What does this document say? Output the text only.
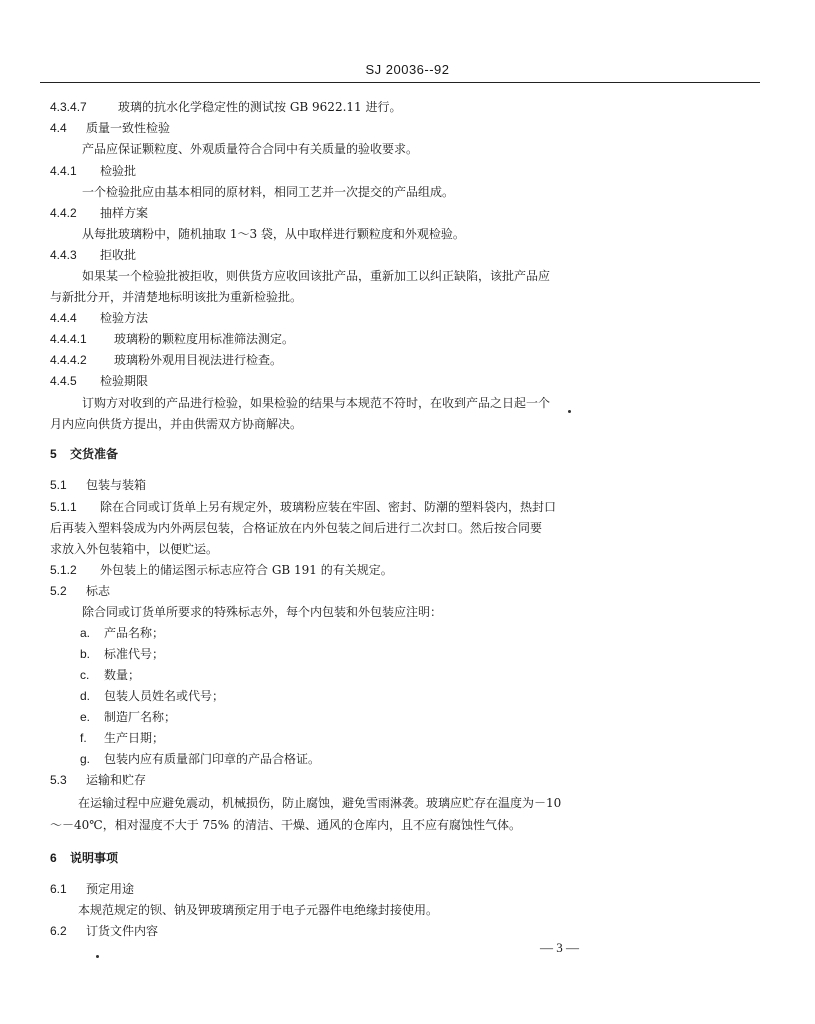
SJ 20036--92
4.3.4.7	玻璃的抗水化学稳定性的测试按 GB 9622.11 进行。
4.4 质量一致性检验
产品应保证颗粒度、外观质量符合合同中有关质量的验收要求。
4.4.1 检验批
一个检验批应由基本相同的原材料，相同工艺并一次提交的产品组成。
4.4.2 抽样方案
从每批玻璃粉中，随机抽取 1～3 袋，从中取样进行颗粒度和外观检验。
4.4.3 拒收批
如果某一个检验批被拒收，则供货方应收回该批产品，重新加工以纠正缺陷，该批产品应
与新批分开，并清楚地标明该批为重新检验批。
4.4.4 检验方法
4.4.4.1 玻璃粉的颗粒度用标准筛法测定。
4.4.4.2 玻璃粉外观用目视法进行检查。
4.4.5 检验期限
订购方对收到的产品进行检验，如果检验的结果与本规范不符时，在收到产品之日起一个
月内应向供货方提出，并由供需双方协商解决。
5 交货准备
5.1 包装与装箱
5.1.1 除在合同或订货单上另有规定外，玻璃粉应装在牢固、密封、防潮的塑料袋内，热封口
后再装入塑料袋成为内外两层包装，合格证放在内外包装之间后进行二次封口。然后按合同要
求放入外包装箱中，以便贮运。
5.1.2 外包装上的储运图示标志应符合 GB 191 的有关规定。
5.2 标志
除合同或订货单所要求的特殊标志外，每个内包装和外包装应注明：
a. 产品名称；
b. 标准代号；
c. 数量；
d. 包装人员姓名或代号；
e. 制造厂名称；
f. 生产日期；
g. 包装内应有质量部门印章的产品合格证。
5.3 运输和贮存
在运输过程中应避免震动，机械损伤，防止腐蚀，避免雪雨淋袭。玻璃应贮存在温度为－10
～－40℃，相对湿度不大于 75% 的清洁、干燥、通风的仓库内，且不应有腐蚀性气体。
6 说明事项
6.1 预定用途
本规范规定的钡、钠及钾玻璃预定用于电子元器件电绝缘封接使用。
6.2 订货文件内容
— 3 —
